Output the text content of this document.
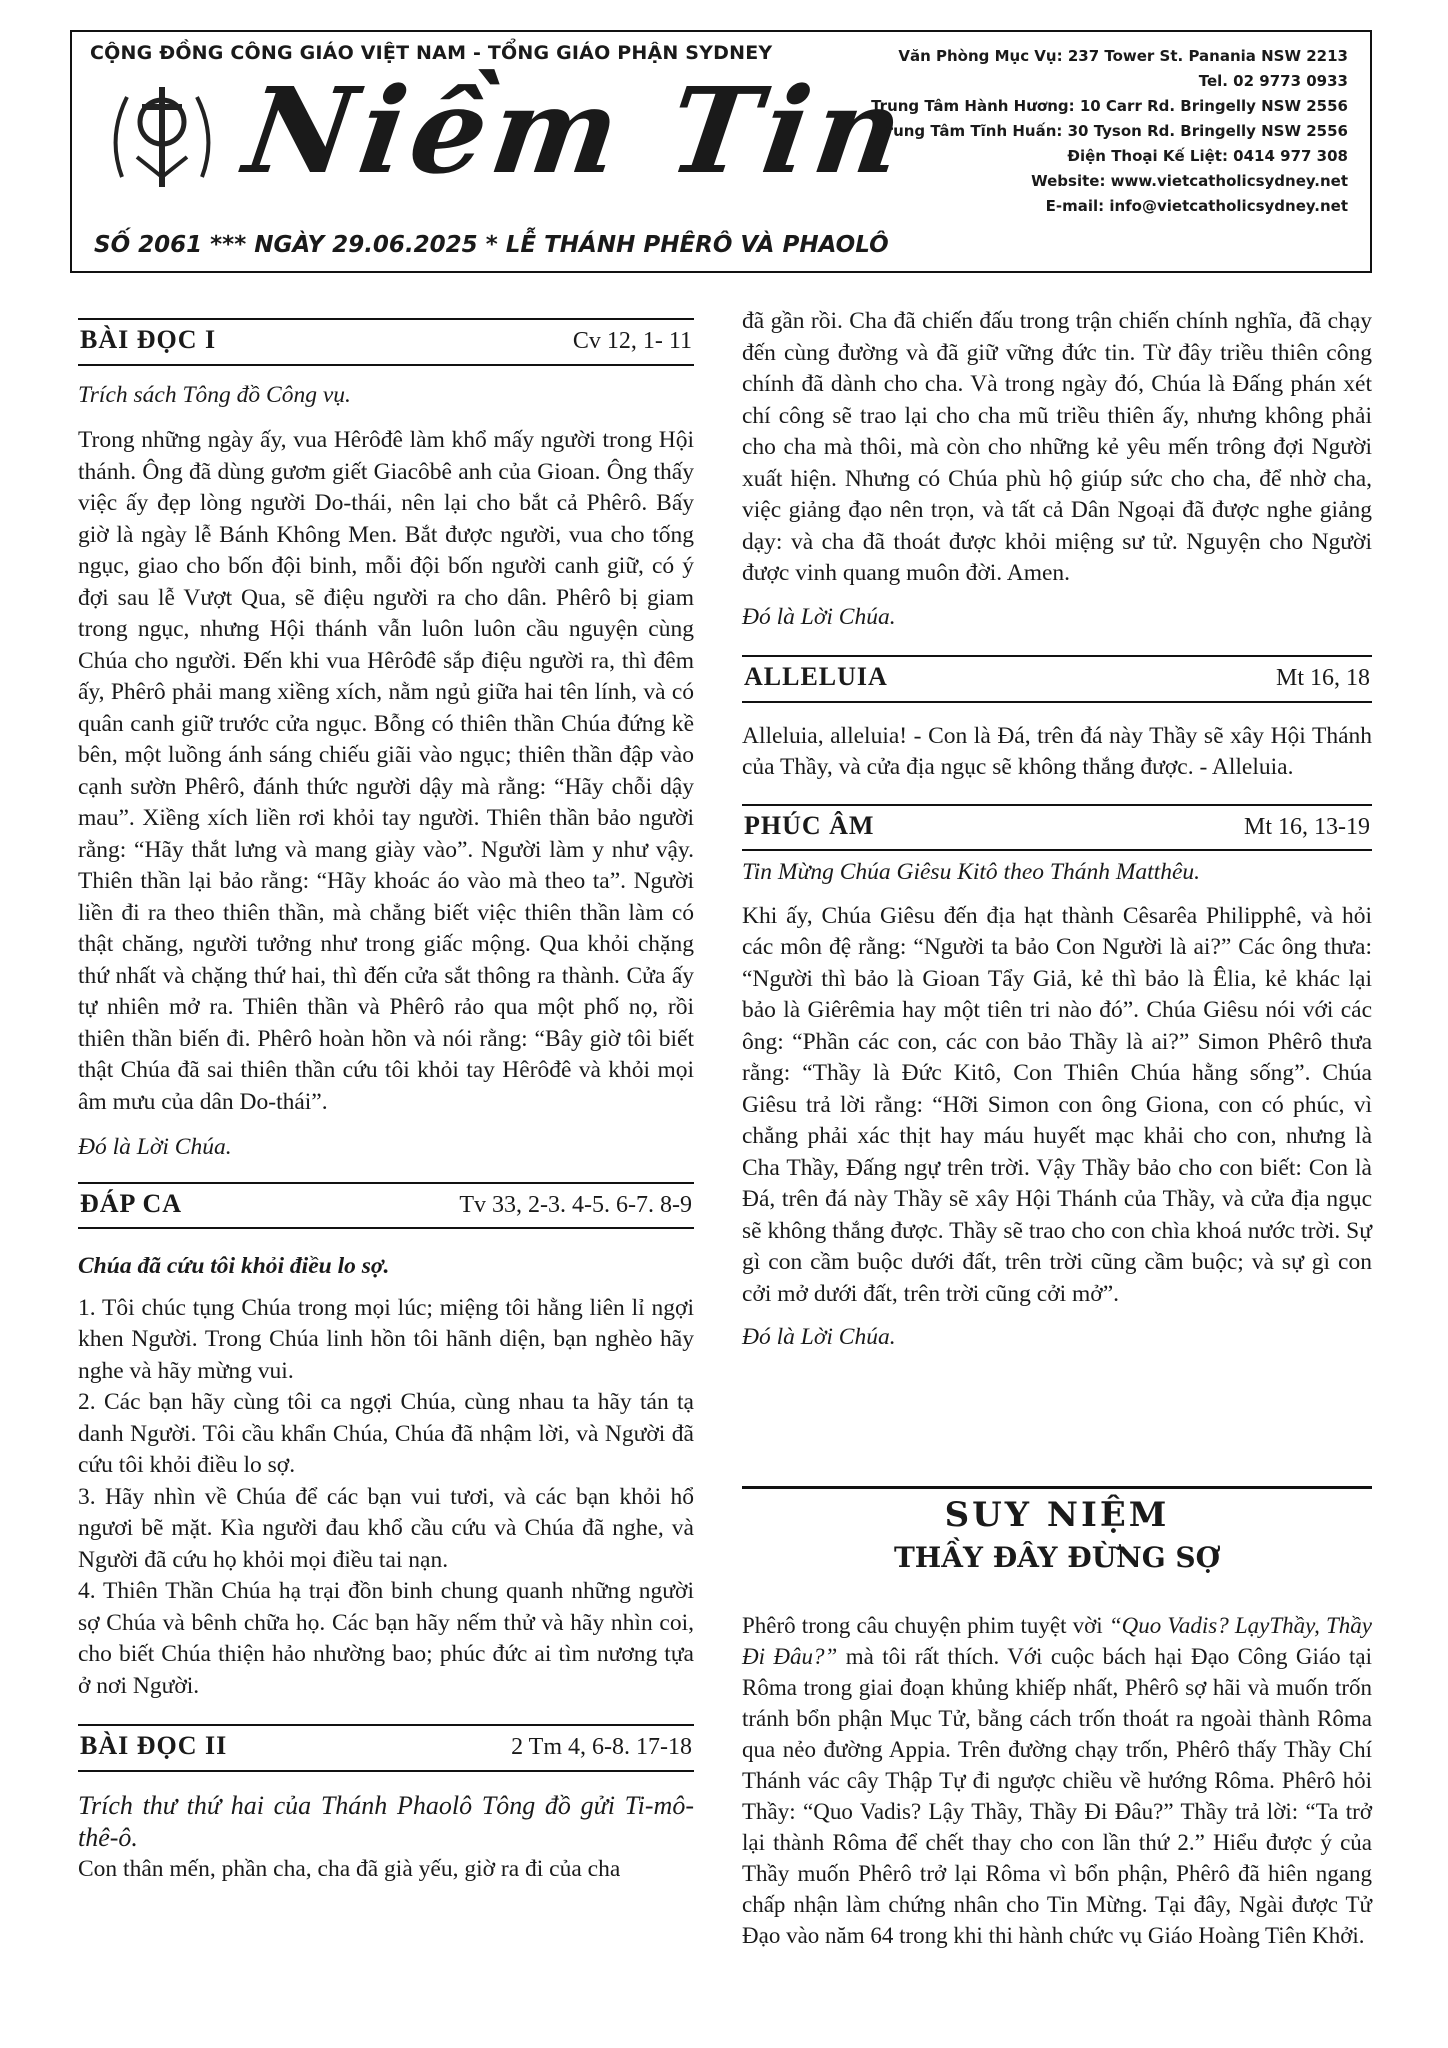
CỘNG ĐỒNG CÔNG GIÁO VIỆT NAM - TỔNG GIÁO PHẬN SYDNEY
Niềm Tin
SỐ 2061 *** NGÀY 29.06.2025 * LỄ THÁNH PHÊRÔ VÀ PHAOLÔ
Văn Phòng Mục Vụ: 237 Tower St. Panania NSW 2213
Tel. 02 9773 0933
Trung Tâm Hành Hương: 10 Carr Rd. Bringelly NSW 2556
Trung Tâm Tĩnh Huấn: 30 Tyson Rd. Bringelly NSW 2556
Điện Thoại Kế Liệt: 0414 977 308
Website: www.vietcatholicsydney.net
E-mail: info@vietcatholicsydney.net
BÀI ĐỌC I	Cv 12, 1- 11

Trích sách Tông đồ Công vụ.

Trong những ngày ấy, vua Hêrôđê làm khổ mấy người trong Hội thánh. Ông đã dùng gươm giết Giacôbê anh của Gioan. Ông thấy việc ấy đẹp lòng người Do-thái, nên lại cho bắt cả Phêrô. Bấy giờ là ngày lễ Bánh Không Men. Bắt được người, vua cho tống ngục, giao cho bốn đội binh, mỗi đội bốn người canh giữ, có ý đợi sau lễ Vượt Qua, sẽ điệu người ra cho dân. Phêrô bị giam trong ngục, nhưng Hội thánh vẫn luôn luôn cầu nguyện cùng Chúa cho người. Đến khi vua Hêrôđê sắp điệu người ra, thì đêm ấy, Phêrô phải mang xiềng xích, nằm ngủ giữa hai tên lính, và có quân canh giữ trước cửa ngục. Bỗng có thiên thần Chúa đứng kề bên, một luồng ánh sáng chiếu giãi vào ngục; thiên thần đập vào cạnh sườn Phêrô, đánh thức người dậy mà rằng: “Hãy chỗi dậy mau”. Xiềng xích liền rơi khỏi tay người. Thiên thần bảo người rằng: “Hãy thắt lưng và mang giày vào”. Người làm y như vậy. Thiên thần lại bảo rằng: “Hãy khoác áo vào mà theo ta”. Người liền đi ra theo thiên thần, mà chẳng biết việc thiên thần làm có thật chăng, người tưởng như trong giấc mộng. Qua khỏi chặng thứ nhất và chặng thứ hai, thì đến cửa sắt thông ra thành. Cửa ấy tự nhiên mở ra. Thiên thần và Phêrô rảo qua một phố nọ, rồi thiên thần biến đi. Phêrô hoàn hồn và nói rằng: “Bây giờ tôi biết thật Chúa đã sai thiên thần cứu tôi khỏi tay Hêrôđê và khỏi mọi âm mưu của dân Do-thái”.

Đó là Lời Chúa.

ĐÁP CA	Tv 33, 2-3. 4-5. 6-7. 8-9

Chúa đã cứu tôi khỏi điều lo sợ.

1. Tôi chúc tụng Chúa trong mọi lúc; miệng tôi hằng liên lỉ ngợi khen Người. Trong Chúa linh hồn tôi hãnh diện, bạn nghèo hãy nghe và hãy mừng vui.

2. Các bạn hãy cùng tôi ca ngợi Chúa, cùng nhau ta hãy tán tạ danh Người. Tôi cầu khẩn Chúa, Chúa đã nhậm lời, và Người đã cứu tôi khỏi điều lo sợ.

3. Hãy nhìn về Chúa để các bạn vui tươi, và các bạn khỏi hổ ngươi bẽ mặt. Kìa người đau khổ cầu cứu và Chúa đã nghe, và Người đã cứu họ khỏi mọi điều tai nạn.

4. Thiên Thần Chúa hạ trại đồn binh chung quanh những người sợ Chúa và bênh chữa họ. Các bạn hãy nếm thử và hãy nhìn coi, cho biết Chúa thiện hảo nhường bao; phúc đức ai tìm nương tựa ở nơi Người.

BÀI ĐỌC II	2 Tm 4, 6-8. 17-18

Trích thư thứ hai của Thánh Phaolô Tông đồ gửi Ti-mô-thê-ô.

Con thân mến, phần cha, cha đã già yếu, giờ ra đi của cha

đã gần rồi. Cha đã chiến đấu trong trận chiến chính nghĩa, đã chạy đến cùng đường và đã giữ vững đức tin. Từ đây triều thiên công chính đã dành cho cha. Và trong ngày đó, Chúa là Đấng phán xét chí công sẽ trao lại cho cha mũ triều thiên ấy, nhưng không phải cho cha mà thôi, mà còn cho những kẻ yêu mến trông đợi Người xuất hiện. Nhưng có Chúa phù hộ giúp sức cho cha, để nhờ cha, việc giảng đạo nên trọn, và tất cả Dân Ngoại đã được nghe giảng dạy: và cha đã thoát được khỏi miệng sư tử. Nguyện cho Người được vinh quang muôn đời. Amen.

Đó là Lời Chúa.

ALLELUIA	Mt 16, 18

Alleluia, alleluia! - Con là Đá, trên đá này Thầy sẽ xây Hội Thánh của Thầy, và cửa địa ngục sẽ không thắng được. - Alleluia.

PHÚC ÂM	Mt 16, 13-19

Tin Mừng Chúa Giêsu Kitô theo Thánh Matthêu.

Khi ấy, Chúa Giêsu đến địa hạt thành Cêsarêa Philipphê, và hỏi các môn đệ rằng: “Người ta bảo Con Người là ai?” Các ông thưa: “Người thì bảo là Gioan Tẩy Giả, kẻ thì bảo là Êlia, kẻ khác lại bảo là Giêrêmia hay một tiên tri nào đó”. Chúa Giêsu nói với các ông: “Phần các con, các con bảo Thầy là ai?” Simon Phêrô thưa rằng: “Thầy là Đức Kitô, Con Thiên Chúa hằng sống”. Chúa Giêsu trả lời rằng: “Hỡi Simon con ông Giona, con có phúc, vì chẳng phải xác thịt hay máu huyết mạc khải cho con, nhưng là Cha Thầy, Đấng ngự trên trời. Vậy Thầy bảo cho con biết: Con là Đá, trên đá này Thầy sẽ xây Hội Thánh của Thầy, và cửa địa ngục sẽ không thắng được. Thầy sẽ trao cho con chìa khoá nước trời. Sự gì con cầm buộc dưới đất, trên trời cũng cầm buộc; và sự gì con cởi mở dưới đất, trên trời cũng cởi mở”.

Đó là Lời Chúa.

SUY NIỆM
THẦY ĐÂY ĐỪNG SỢ

Phêrô trong câu chuyện phim tuyệt vời “Quo Vadis? LạyThầy, Thầy Đi Đâu?” mà tôi rất thích. Với cuộc bách hại Đạo Công Giáo tại Rôma trong giai đoạn khủng khiếp nhất, Phêrô sợ hãi và muốn trốn tránh bổn phận Mục Tử, bằng cách trốn thoát ra ngoài thành Rôma qua nẻo đường Appia. Trên đường chạy trốn, Phêrô thấy Thầy Chí Thánh vác cây Thập Tự đi ngược chiều về hướng Rôma. Phêrô hỏi Thầy: “Quo Vadis? Lậy Thầy, Thầy Đi Đâu?” Thầy trả lời: “Ta trở lại thành Rôma để chết thay cho con lần thứ 2.” Hiểu được ý của Thầy muốn Phêrô trở lại Rôma vì bổn phận, Phêrô đã hiên ngang chấp nhận làm chứng nhân cho Tin Mừng. Tại đây, Ngài được Tử Đạo vào năm 64 trong khi thi hành chức vụ Giáo Hoàng Tiên Khởi.
